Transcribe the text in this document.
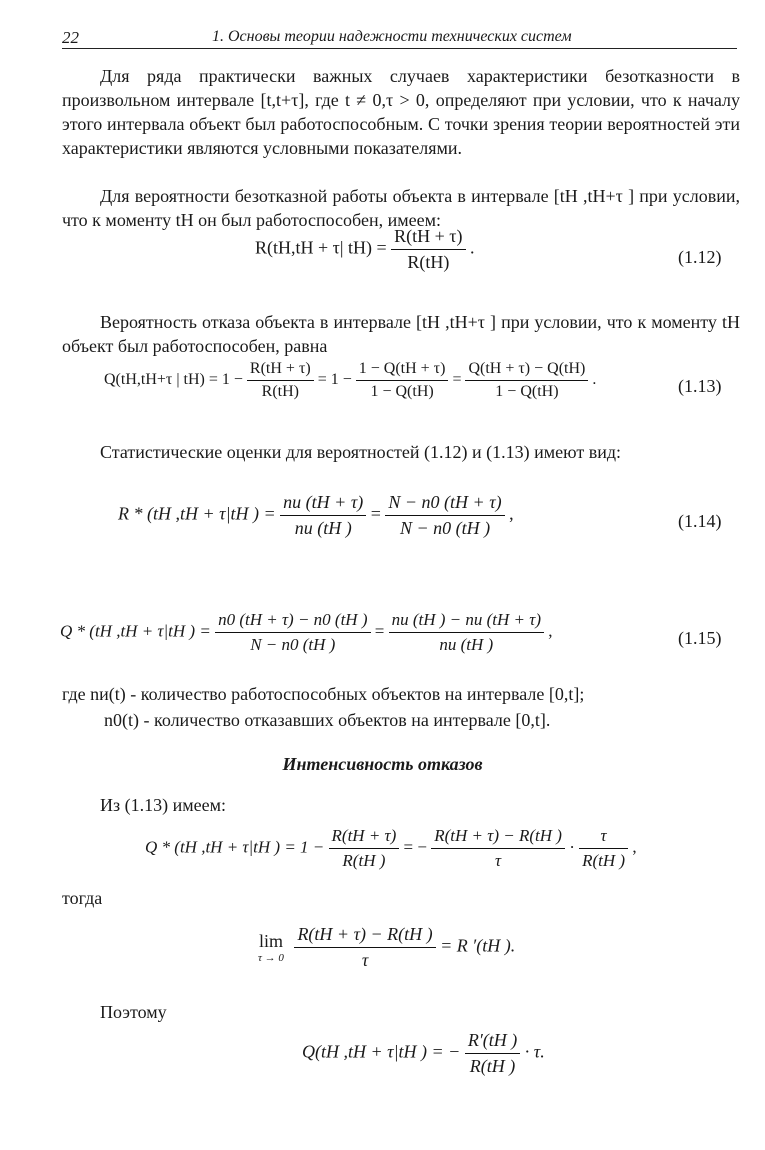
22	1. Основы теории надежности технических систем

Для ряда практически важных случаев характеристики безотказности в произвольном интервале [t,t+τ], где t ≠ 0,τ > 0, определяют при условии, что к началу этого интервала объект был работоспособным. С точки зрения теории вероятностей эти характеристики являются условными показателями.

Для вероятности безотказной работы объекта в интервале [tН ,tН+τ ] при условии, что к моменту tН он был работоспособен, имеем:

R(tH,tH + τ| $tH) = \frac{R(tH + \tau)}{R(tH)}$ .	(1.12)

Вероятность отказа объекта в интервале [tН ,tН+τ ] при условии, что к моменту tН объект был работоспособен, равна

Q(tH,tH+τ | $tH) = 1 - \frac{R(tH + \tau)}{R(tH)} = 1 - \frac{1 - Q(tH + \tau)}{1 - Q(tH)} = \frac{Q(tH + \tau) - Q(tH)}{1 - Q(tH)}$ .	(1.13)

Статистические оценки для вероятностей (1.12) и (1.13) имеют вид:

R * (tH ,tH + τ|tH ) = $\frac{nи (tH + \tau)}{nи (tH )} = \frac{N - n0 (tH + \tau)}{N - n0 (tH )}$ ,	(1.14)
Q * (tH ,tH + τ|tH ) = $\frac{n0 (tH + \tau) - n0 (tH )}{N - n0 (tH )} = \frac{nи (tH ) - nи (tH + \tau)}{nи (tH )}$ ,	(1.15)
где nи(t) - количество работоспособных объектов на интервале [0,t];
n0(t) - количество отказавших объектов на интервале [0,t].
Интенсивность отказов
Из (1.13) имеем:
Q * (tH ,tH + τ|tH ) = $1 - \frac{R(tH + \tau)}{R(tH )}$ = − $\frac{R(tH + \tau) - R(tH )}{\tau} \cdot \frac{\tau}{R(tH )}$ ,
тогда
lim
τ → 0
$\frac{R(tH + \tau) - R(tH )}{\tau} = R$ ′(tH ).
Поэтому
Q(tH ,tH + τ|tH ) = − $\frac{R'(tH )}{R(tH )} \cdot \tau$.
